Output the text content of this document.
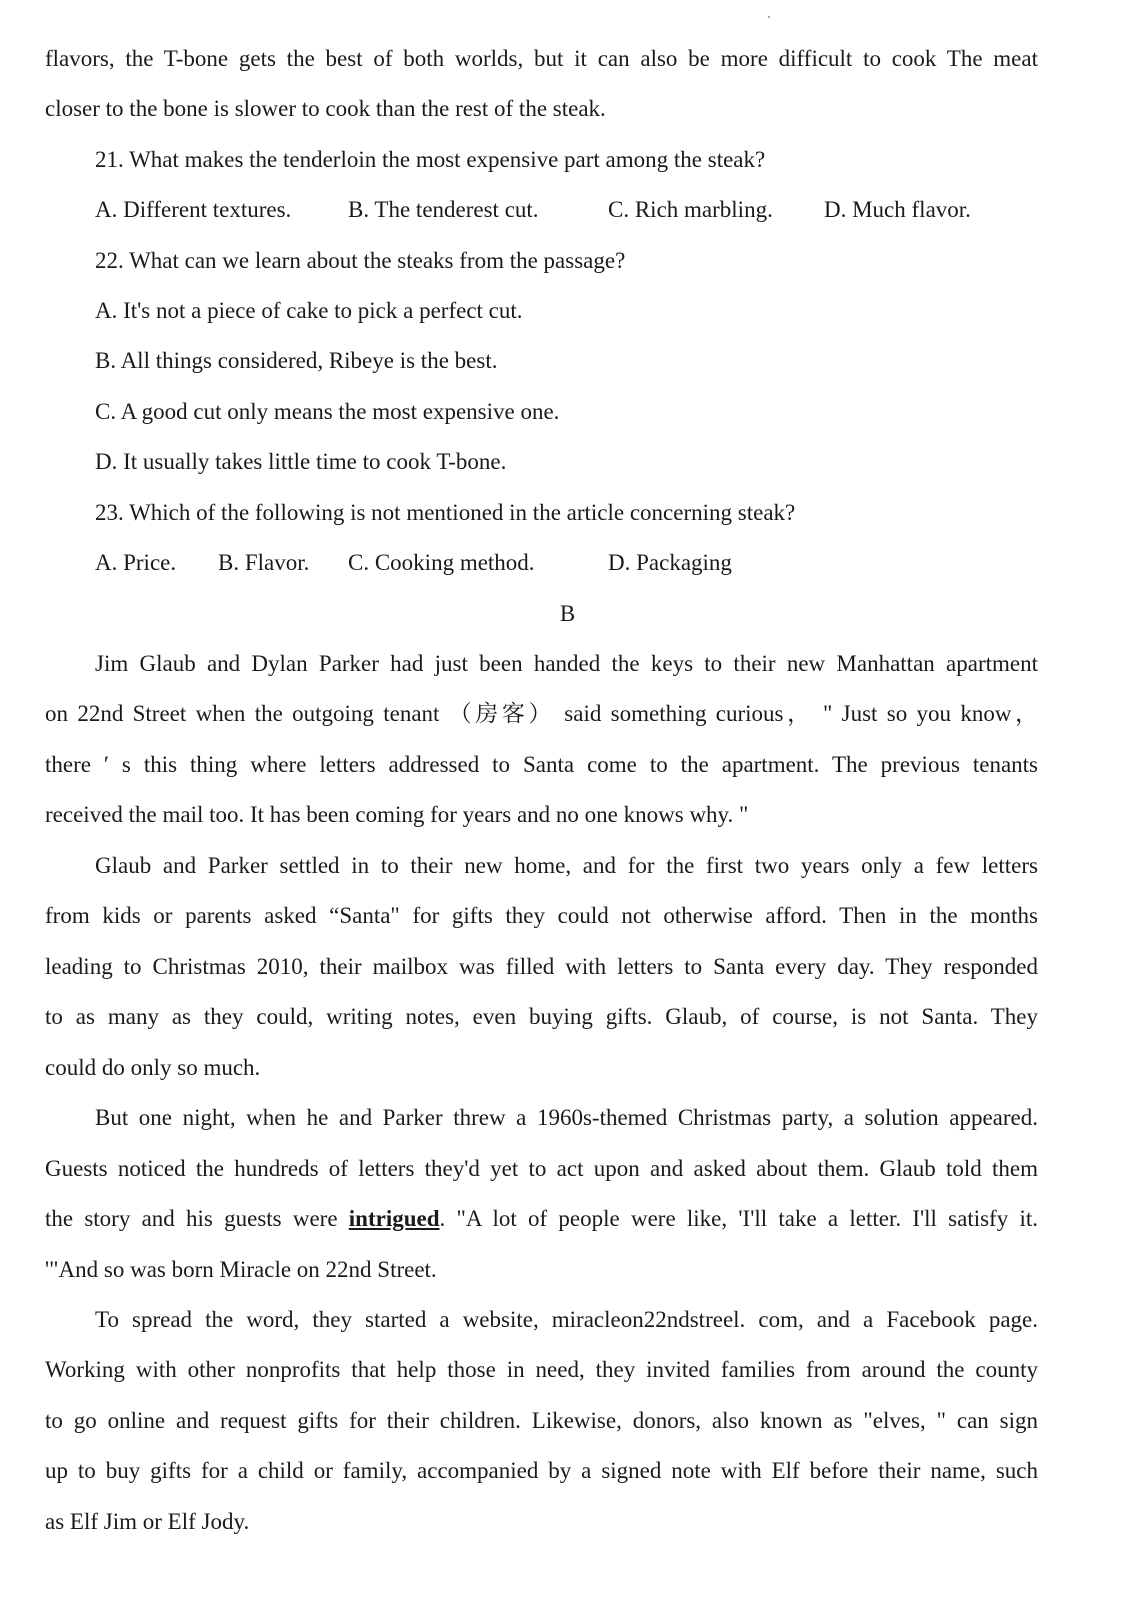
flavors, the T-bone gets the best of both worlds, but it can also be more difficult to cook The meat
closer to the bone is slower to cook than the rest of the steak.
21. What makes the tenderloin the most expensive part among the steak?
A. Different textures. B. The tenderest cut.	C. Rich marbling. D. Much flavor.
22. What can we learn about the steaks from the passage?
A. It's not a piece of cake to pick a perfect cut.
B. All things considered, Ribeye is the best.
C. A good cut only means the most expensive one.
D. It usually takes little time to cook T-bone.
23. Which of the following is not mentioned in the article concerning steak?
A. Price. B. Flavor. C. Cooking method.	D. Packaging
B
Jim Glaub and Dylan Parker had just been handed the keys to their new Manhattan apartment
on 22nd Street when the outgoing tenant （房客） said something curious， " Just so you know，
there ′ s this thing where letters addressed to Santa come to the apartment. The previous tenants
received the mail too. It has been coming for years and no one knows why. "
Glaub and Parker settled in to their new home, and for the first two years only a few letters
from kids or parents asked “Santa" for gifts they could not otherwise afford. Then in the months
leading to Christmas 2010, their mailbox was filled with letters to Santa every day. They responded
to as many as they could, writing notes, even buying gifts. Glaub, of course, is not Santa. They
could do only so much.
But one night, when he and Parker threw a 1960s-themed Christmas party, a solution appeared.
Guests noticed the hundreds of letters they'd yet to act upon and asked about them. Glaub told them
the story and his guests were intrigued. "A lot of people were like, 'I'll take a letter. I'll satisfy it.
'"And so was born Miracle on 22nd Street.
To spread the word, they started a website, miracleon22ndstreel. com, and a Facebook page.
Working with other nonprofits that help those in need, they invited families from around the county
to go online and request gifts for their children. Likewise, donors, also known as "elves, " can sign
up to buy gifts for a child or family, accompanied by a signed note with Elf before their name, such
as Elf Jim or Elf Jody.
